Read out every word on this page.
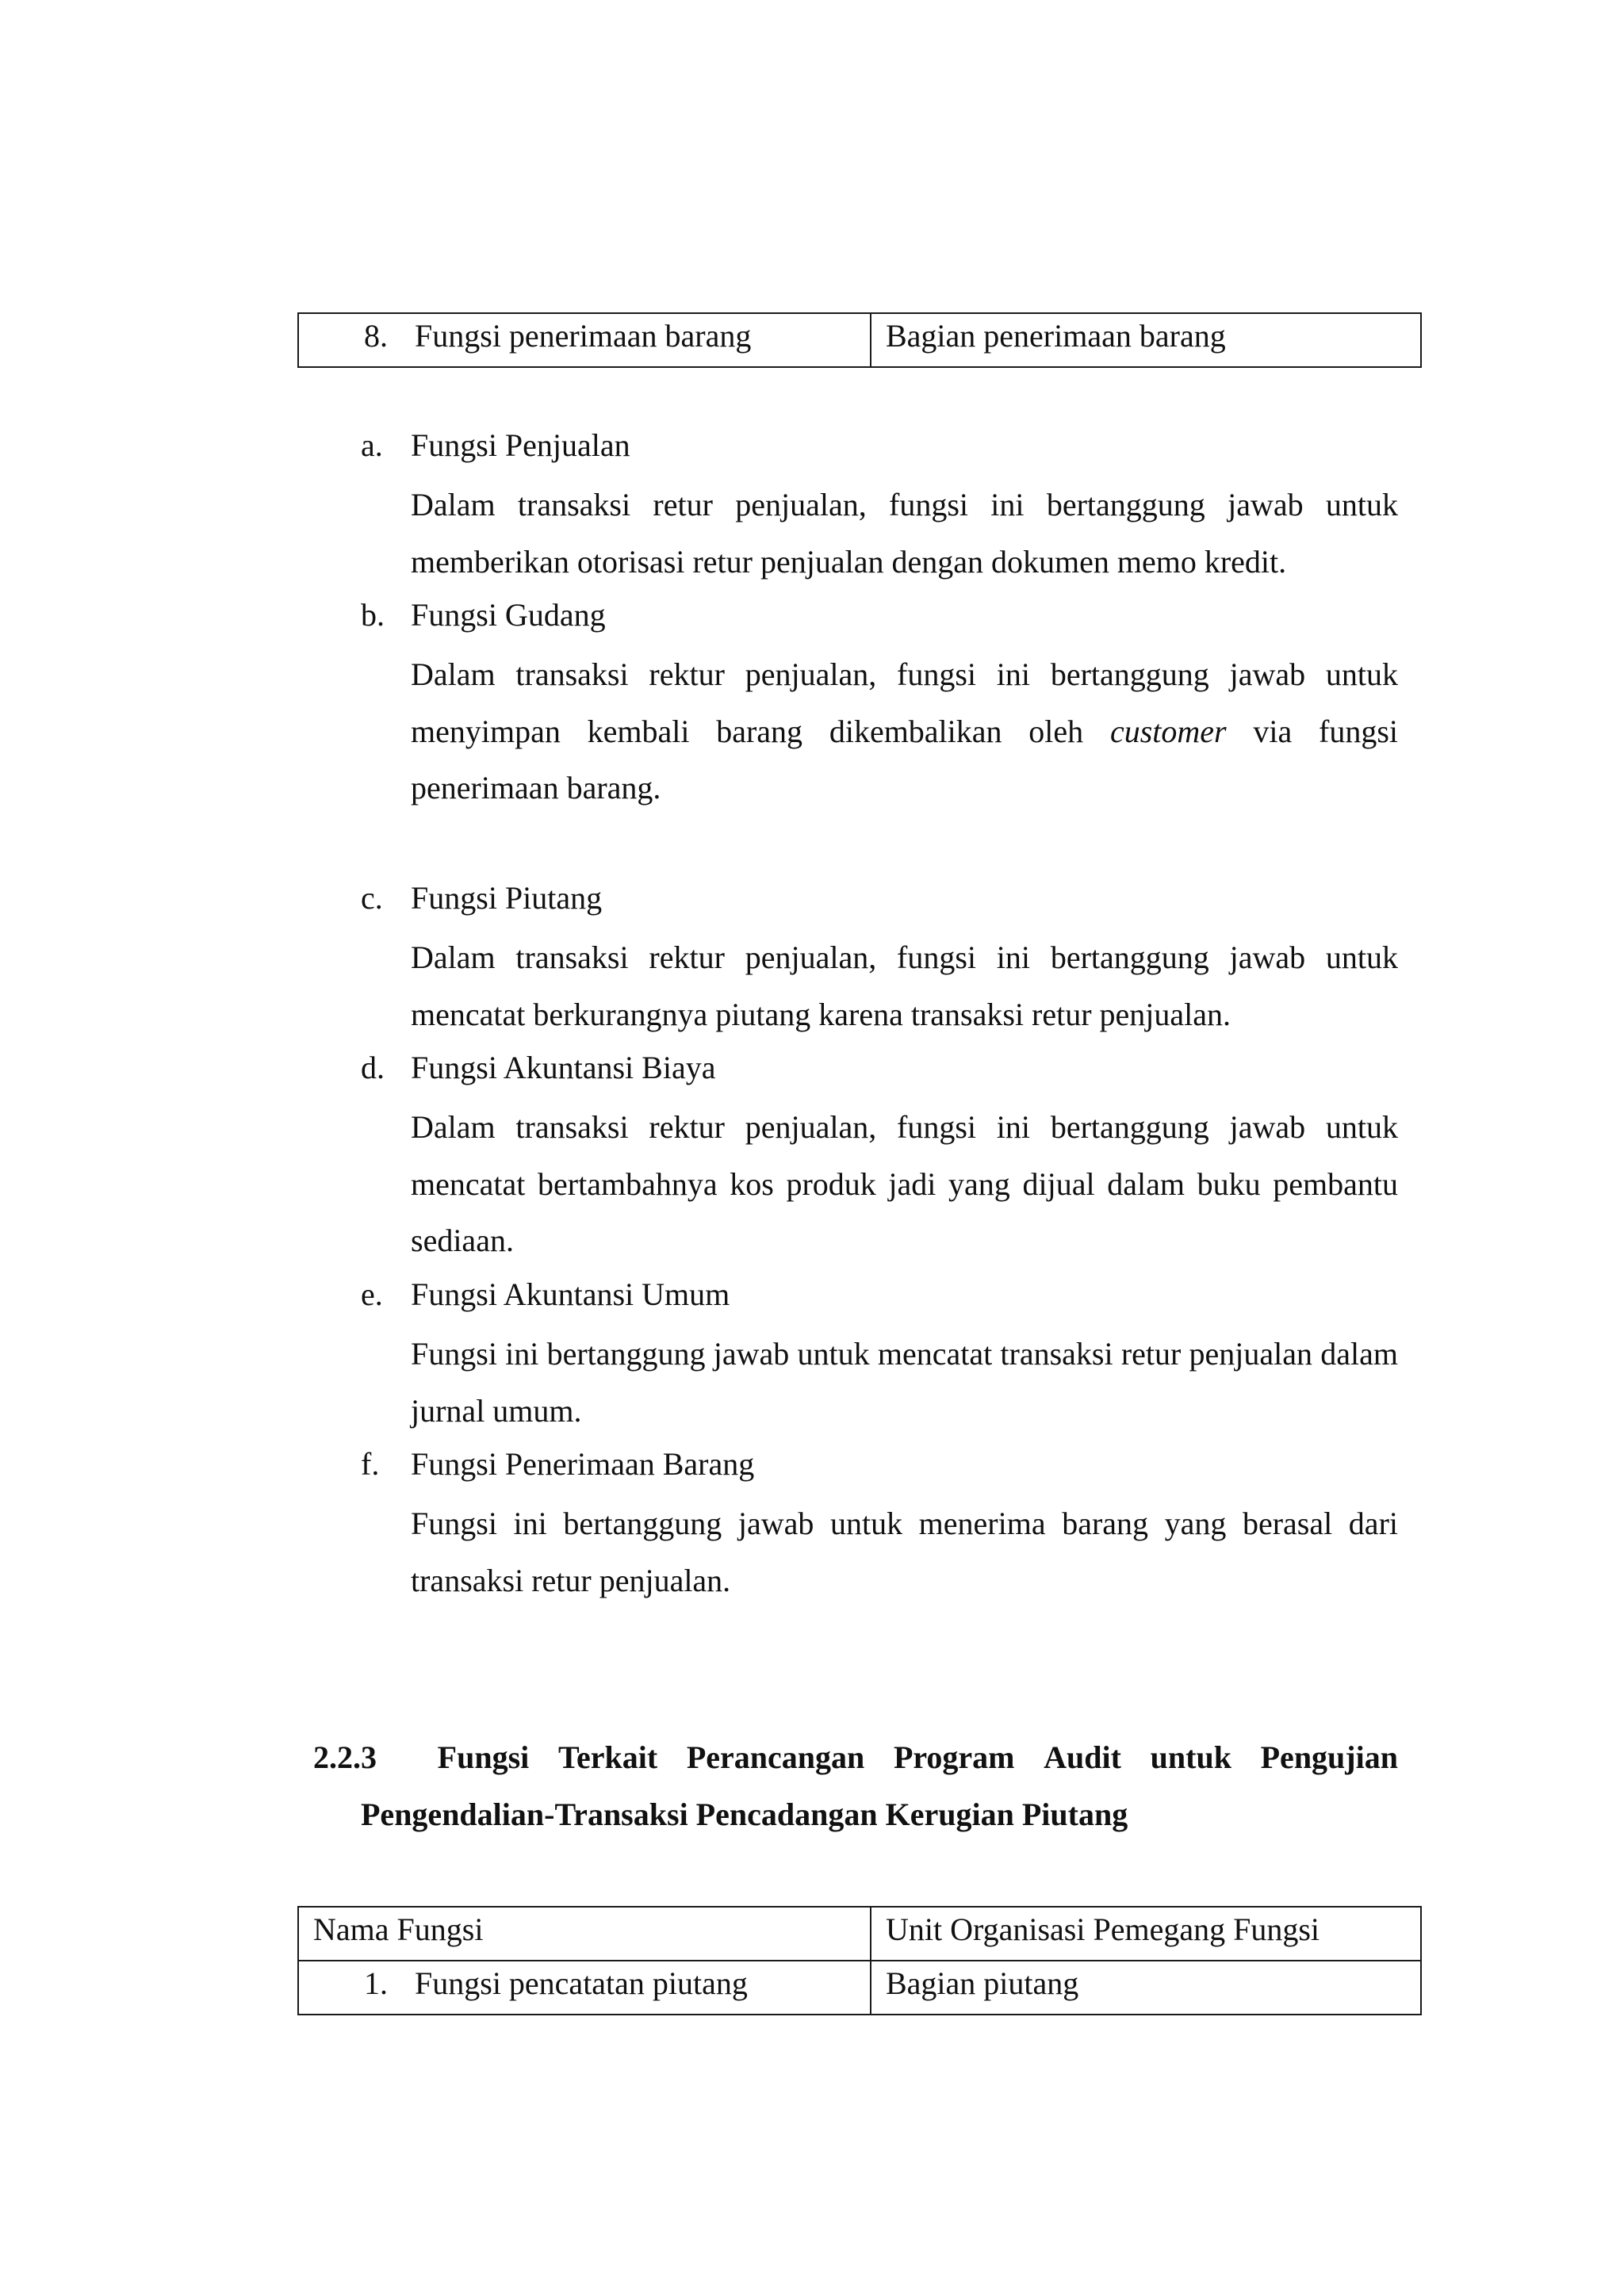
8. Fungsi penerimaan barang	Bagian penerimaan barang
a. Fungsi Penjualan
Dalam transaksi retur penjualan, fungsi ini bertanggung jawab untuk memberikan otorisasi retur penjualan dengan dokumen memo kredit.
b. Fungsi Gudang
Dalam transaksi rektur penjualan, fungsi ini bertanggung jawab untuk menyimpan kembali barang dikembalikan oleh customer via fungsi penerimaan barang.
c. Fungsi Piutang
Dalam transaksi rektur penjualan, fungsi ini bertanggung jawab untuk mencatat berkurangnya piutang karena transaksi retur penjualan.
d. Fungsi Akuntansi Biaya
Dalam transaksi rektur penjualan, fungsi ini bertanggung jawab untuk mencatat bertambahnya kos produk jadi yang dijual dalam buku pembantu sediaan.
e. Fungsi Akuntansi Umum
Fungsi ini bertanggung jawab untuk mencatat transaksi retur penjualan dalam jurnal umum.
f. Fungsi Penerimaan Barang
Fungsi ini bertanggung jawab untuk menerima barang yang berasal dari transaksi retur penjualan.
2.2.3 Fungsi Terkait Perancangan Program Audit untuk Pengujian
Pengendalian-Transaksi Pencadangan Kerugian Piutang
Nama Fungsi	Unit Organisasi Pemegang Fungsi

1. Fungsi pencatatan piutang	Bagian piutang
